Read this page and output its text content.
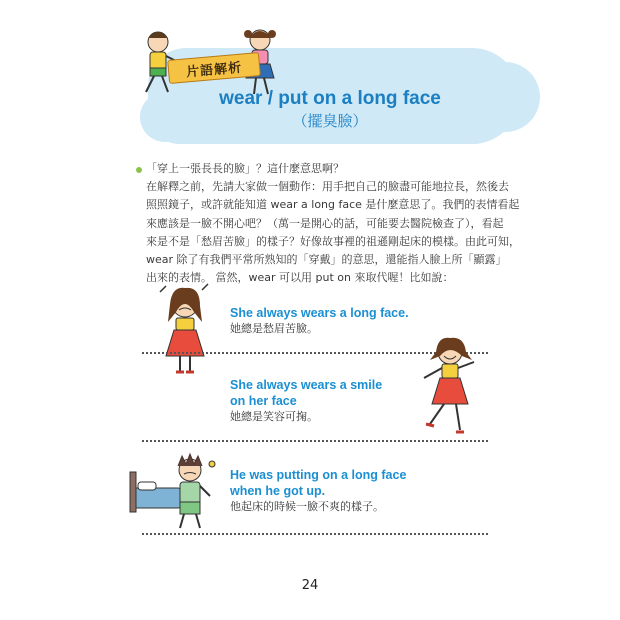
片語解析
wear / put on a long face
（擺臭臉）

「穿上一張長長的臉」？這什麼意思啊？

在解釋之前，先請大家做一個動作：用手把自己的臉盡可能地拉長，然後去

照照鏡子，或許就能知道 wear a long face 是什麼意思了。我們的表情看起

來應該是一臉不開心吧？（萬一是開心的話，可能要去醫院檢查了），看起

來是不是「愁眉苦臉」的樣子？好像故事裡的祖遜剛起床的模樣。由此可知，

wear 除了有我們平常所熟知的「穿戴」的意思，還能指人臉上所「顯露」

出來的表情。 當然，wear 可以用 put on 來取代喔！比如說：

She always wears a long face.
她總是愁眉苦臉。
She always wears a smile
on her face
她總是笑容可掬。
He was putting on a long face
when he got up.
他起床的時候一臉不爽的樣子。
24
